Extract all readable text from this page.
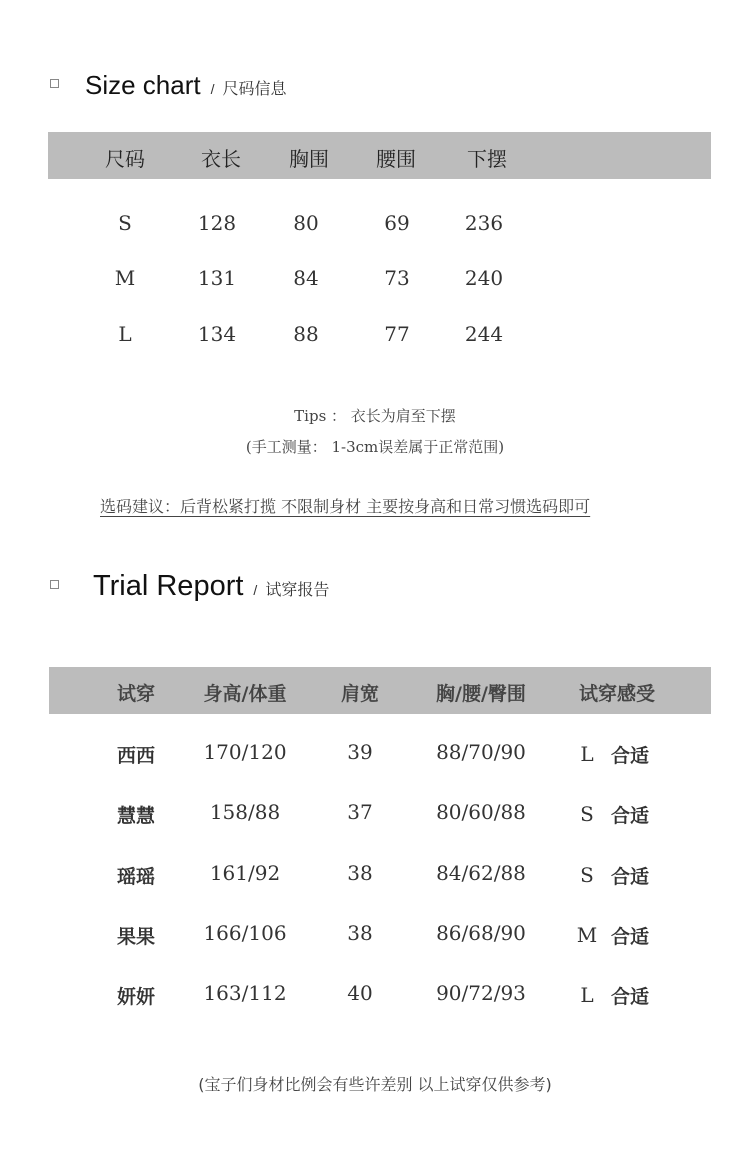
Size chart / 尺码信息
尺码	衣长 胸围 腰围	下摆
S	128	80	69	236
M	131	84	73	240
L	134	88	77	244
Tips ： 衣长为肩至下摆
(手工测量： 1-3cm误差属于正常范围)
选码建议：后背松紧打揽 不限制身材 主要按身高和日常习惯选码即可
Trial Report / 试穿报告
试穿	身高/体重	肩宽	胸/腰/臀围	试穿感受
西西 170/120	39	88/70/90	L 合适
慧慧	158/88	37	80/60/88	S 合适
瑶瑶	161/92	38	84/62/88	S 合适
果果 166/106	38	86/68/90	M 合适
妍妍 163/112	40	90/72/93	L 合适
(宝子们身材比例会有些许差别 以上试穿仅供参考)
